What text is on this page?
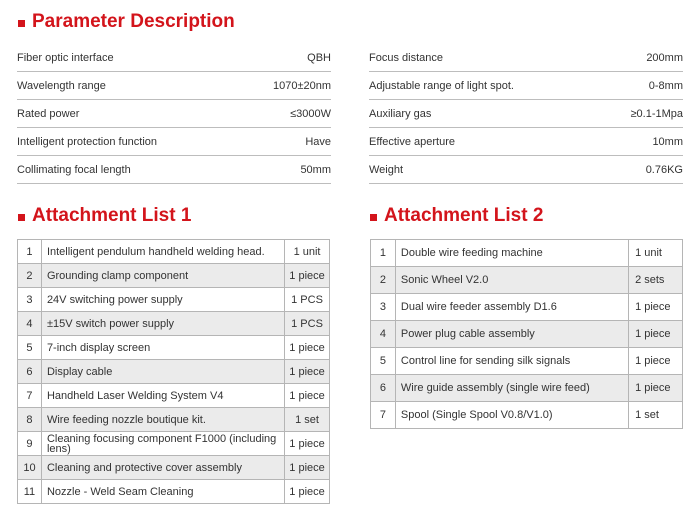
Parameter Description
Fiber optic interface	QBH
Wavelength range	1070±20nm
Rated power	≤3000W
Intelligent protection function	Have
Collimating focal length	50mm
Focus distance	200mm
Adjustable range of light spot.	0-8mm
Auxiliary gas	≥0.1-1Mpa
Effective aperture	10mm
Weight	0.76KG
Attachment List 1
1	Intelligent pendulum handheld welding head.	1 unit
2	Grounding clamp component	1 piece
3	24V switching power supply	1 PCS
4	±15V switch power supply	1 PCS
5	7-inch display screen	1 piece
6	Display cable	1 piece
7	Handheld Laser Welding System V4	1 piece
8	Wire feeding nozzle boutique kit.	1 set
9	Cleaning focusing component F1000 (including lens)	1 piece
10	Cleaning and protective cover assembly	1 piece
11	Nozzle - Weld Seam Cleaning	1 piece
Attachment List 2
1	Double wire feeding machine	1 unit
2	Sonic Wheel V2.0	2 sets
3	Dual wire feeder assembly D1.6	1 piece
4	Power plug cable assembly	1 piece
5	Control line for sending silk signals	1 piece
6	Wire guide assembly (single wire feed)	1 piece
7	Spool (Single Spool V0.8/V1.0)	1 set
